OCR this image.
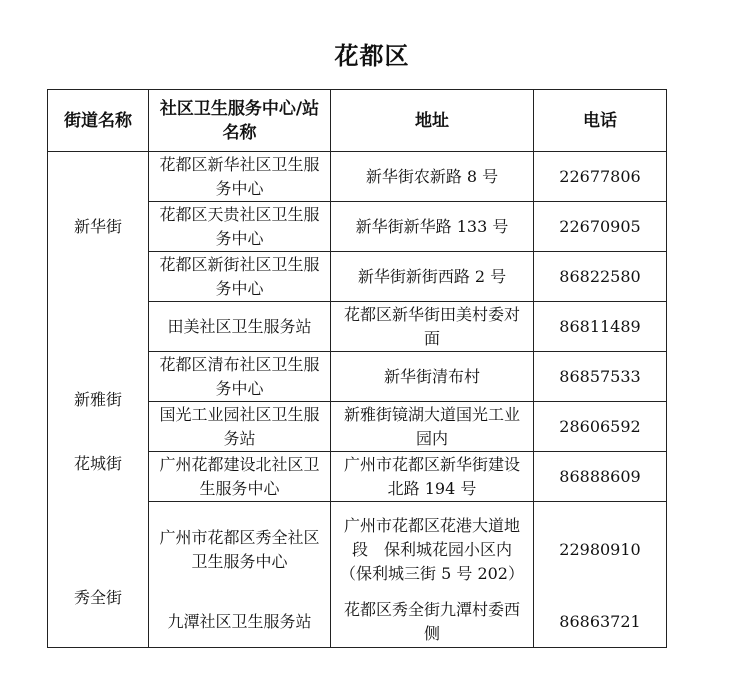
花都区
街道名称	社区卫生服务中心/站名称	地址	电话
	花都区新华社区卫生服务中心	新华街农新路 8 号	22677806

新华街	花都区天贵社区卫生服务中心	新华街新华路 133 号	22670905
	花都区新街社区卫生服务中心	新华街新街西路 2 号	86822580
	田美社区卫生服务站	花都区新华街田美村委对面	86811489
	花都区清布社区卫生服务中心	新华街清布村	86857533

新雅街	国光工业园社区卫生服务站	新雅街镜湖大道国光工业园内	28606592

花城街	广州花都建设北社区卫生服务中心	广州市花都区新华街建设北路 194 号	86888609

秀全街	广州市花都区秀全社区卫生服务中心	广州市花都区花港大道地段　保利城花园小区内（保利城三街 5 号 202）	22980910
	九潭社区卫生服务站	花都区秀全街九潭村委西侧	86863721
